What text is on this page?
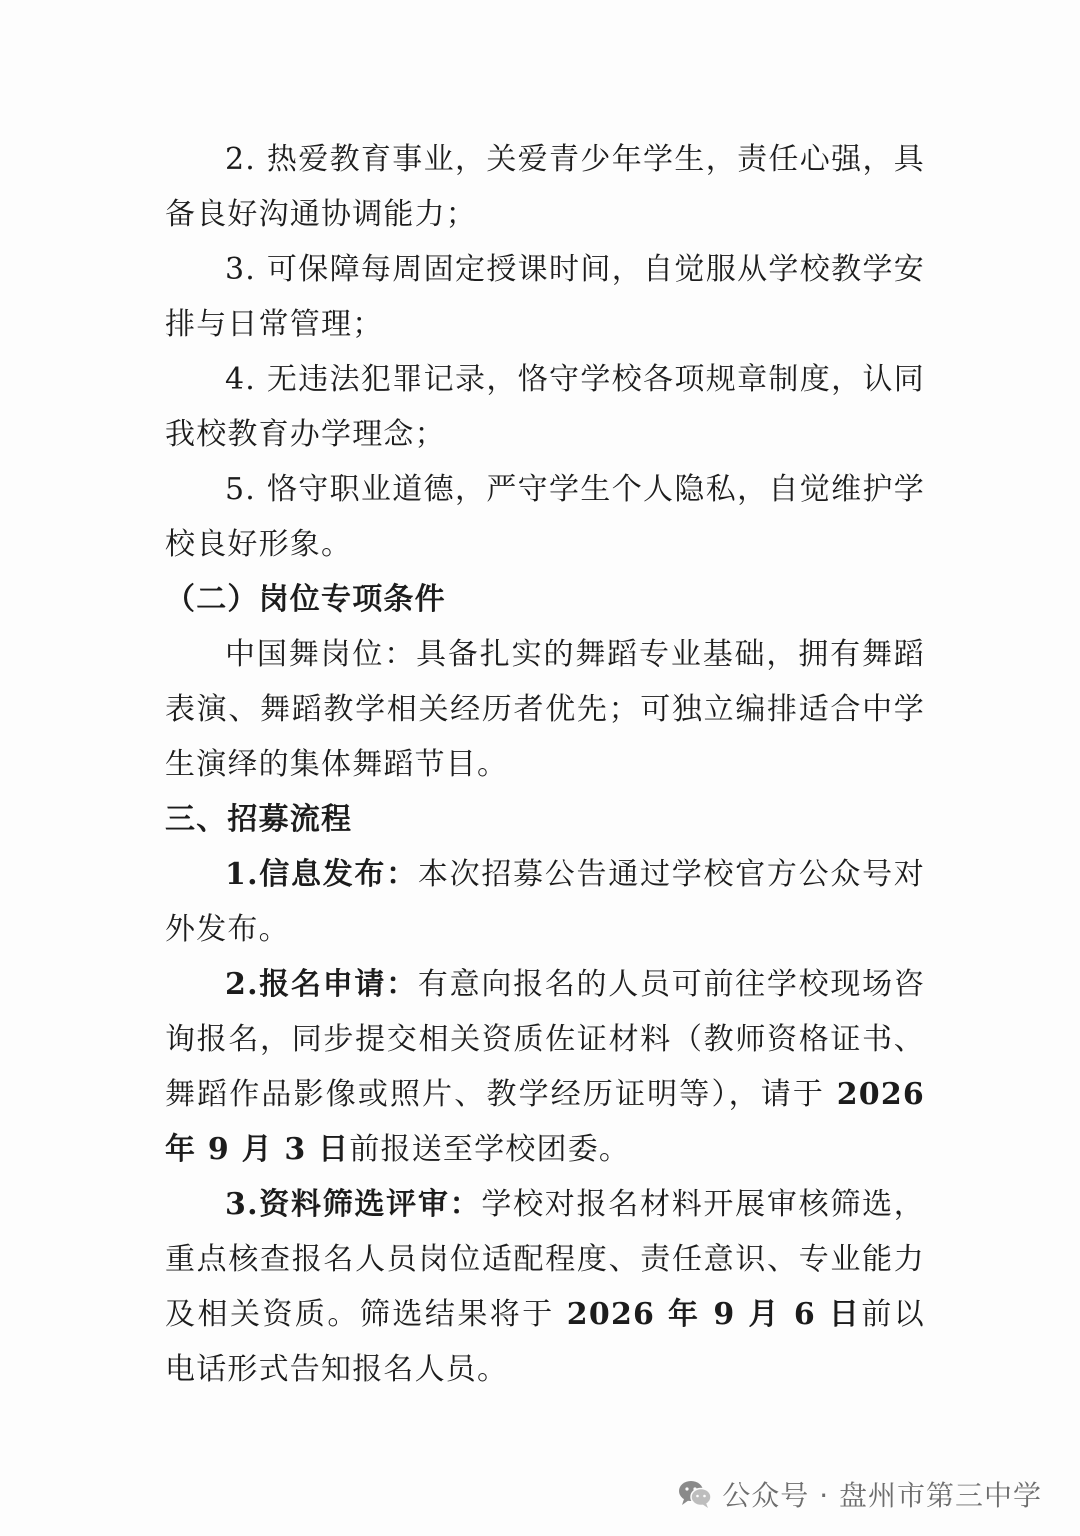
2. 热爱教育事业，关爱青少年学生，责任心强，具备良好沟通协调能力；

3. 可保障每周固定授课时间，自觉服从学校教学安排与日常管理；

4. 无违法犯罪记录，恪守学校各项规章制度，认同我校教育办学理念；

5. 恪守职业道德，严守学生个人隐私，自觉维护学校良好形象。

（二）岗位专项条件

中国舞岗位：具备扎实的舞蹈专业基础，拥有舞蹈表演、舞蹈教学相关经历者优先；可独立编排适合中学生演绎的集体舞蹈节目。

三、招募流程

1.信息发布：本次招募公告通过学校官方公众号对外发布。

2.报名申请：有意向报名的人员可前往学校现场咨询报名，同步提交相关资质佐证材料（教师资格证书、舞蹈作品影像或照片、教学经历证明等），请于 2026 年 9 月 3 日前报送至学校团委。

3.资料筛选评审：学校对报名材料开展审核筛选，重点核查报名人员岗位适配程度、责任意识、专业能力及相关资质。筛选结果将于 2026 年 9 月 6 日前以电话形式告知报名人员。

公众号 · 盘州市第三中学
